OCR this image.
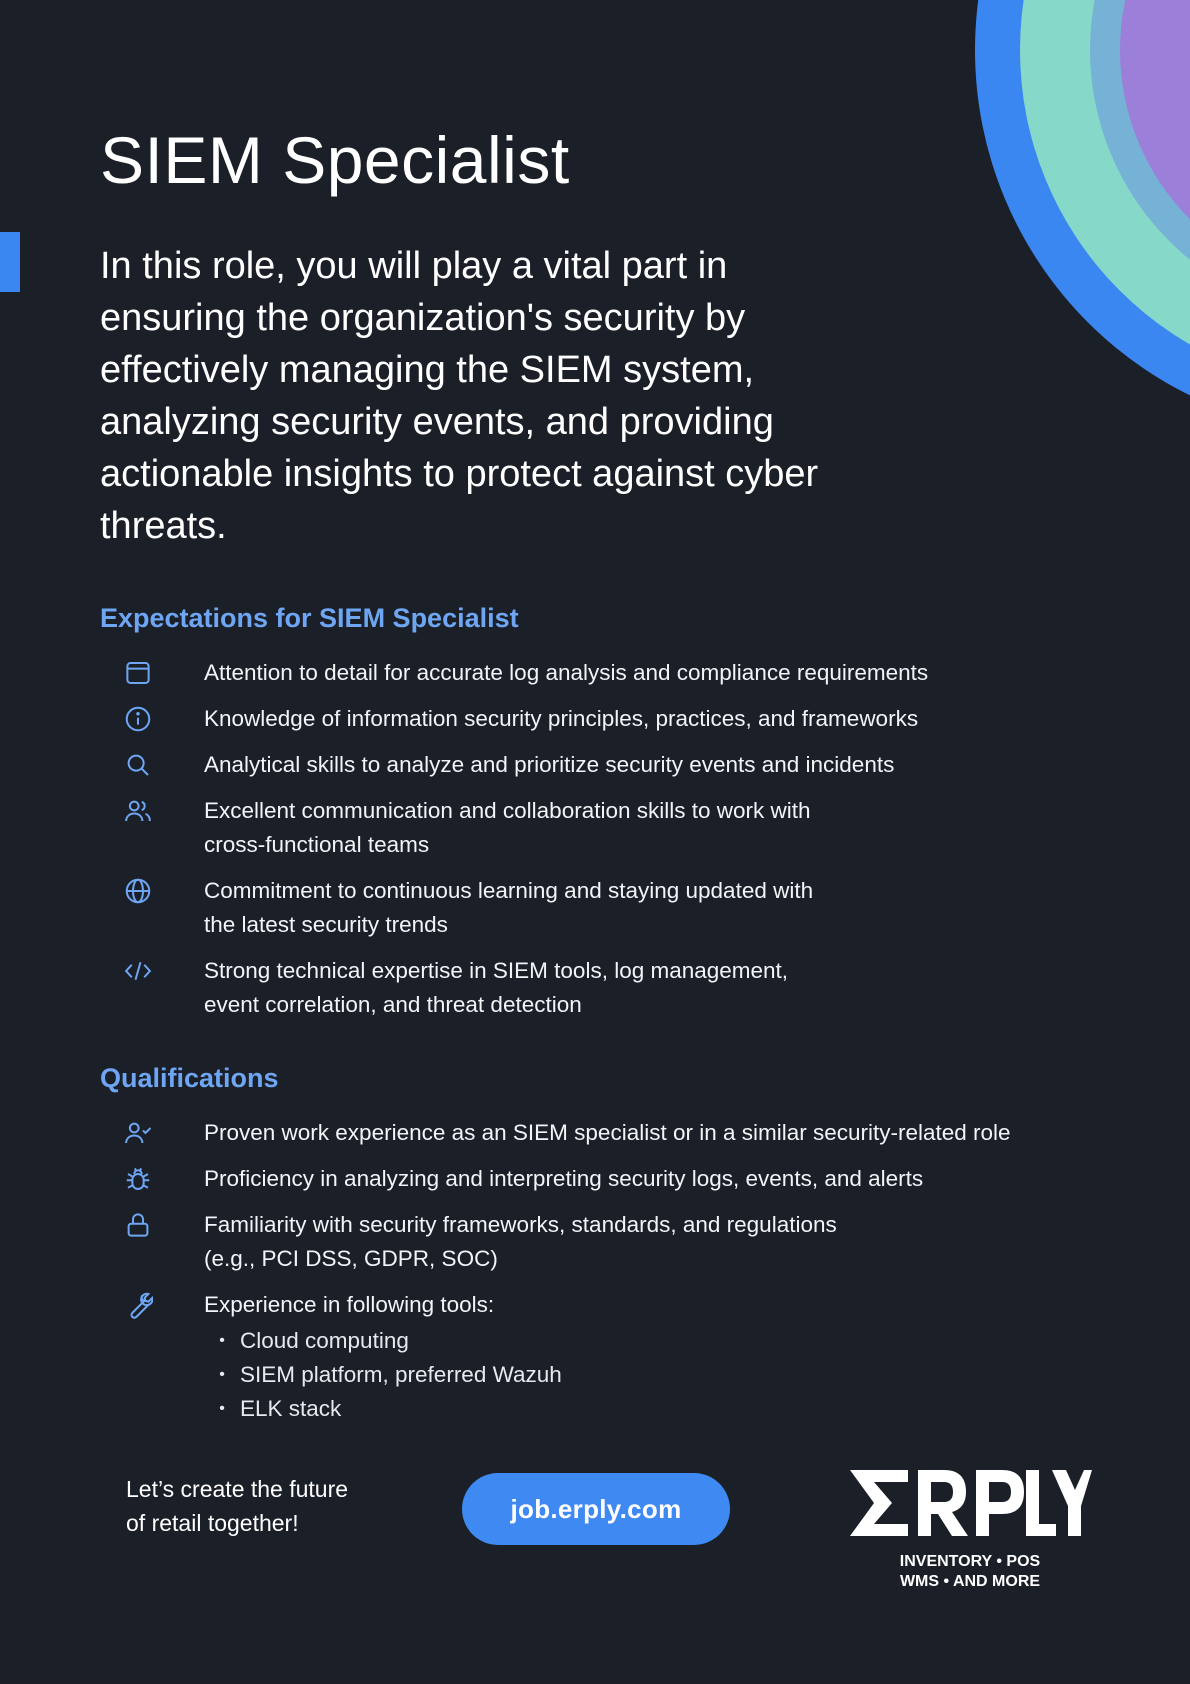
SIEM Specialist

In this role, you will play a vital part in ensuring the organization's security by effectively managing the SIEM system, analyzing security events, and providing actionable insights to protect against cyber threats.

Expectations for SIEM Specialist
Attention to detail for accurate log analysis and compliance requirements
Knowledge of information security principles, practices, and frameworks
Analytical skills to analyze and prioritize security events and incidents
Excellent communication and collaboration skills to work with
cross-functional teams
Commitment to continuous learning and staying updated with
the latest security trends
Strong technical expertise in SIEM tools, log management,
event correlation, and threat detection
Qualifications
Proven work experience as an SIEM specialist or in a similar security-related role
Proficiency in analyzing and interpreting security logs, events, and alerts
Familiarity with security frameworks, standards, and regulations
(e.g., PCI DSS, GDPR, SOC)
Experience in following tools:
• Cloud computing
• SIEM platform, preferred Wazuh
• ELK stack

Let’s create the future
of retail together!	job.erply.com
INVENTORY • POS
WMS • AND MORE
